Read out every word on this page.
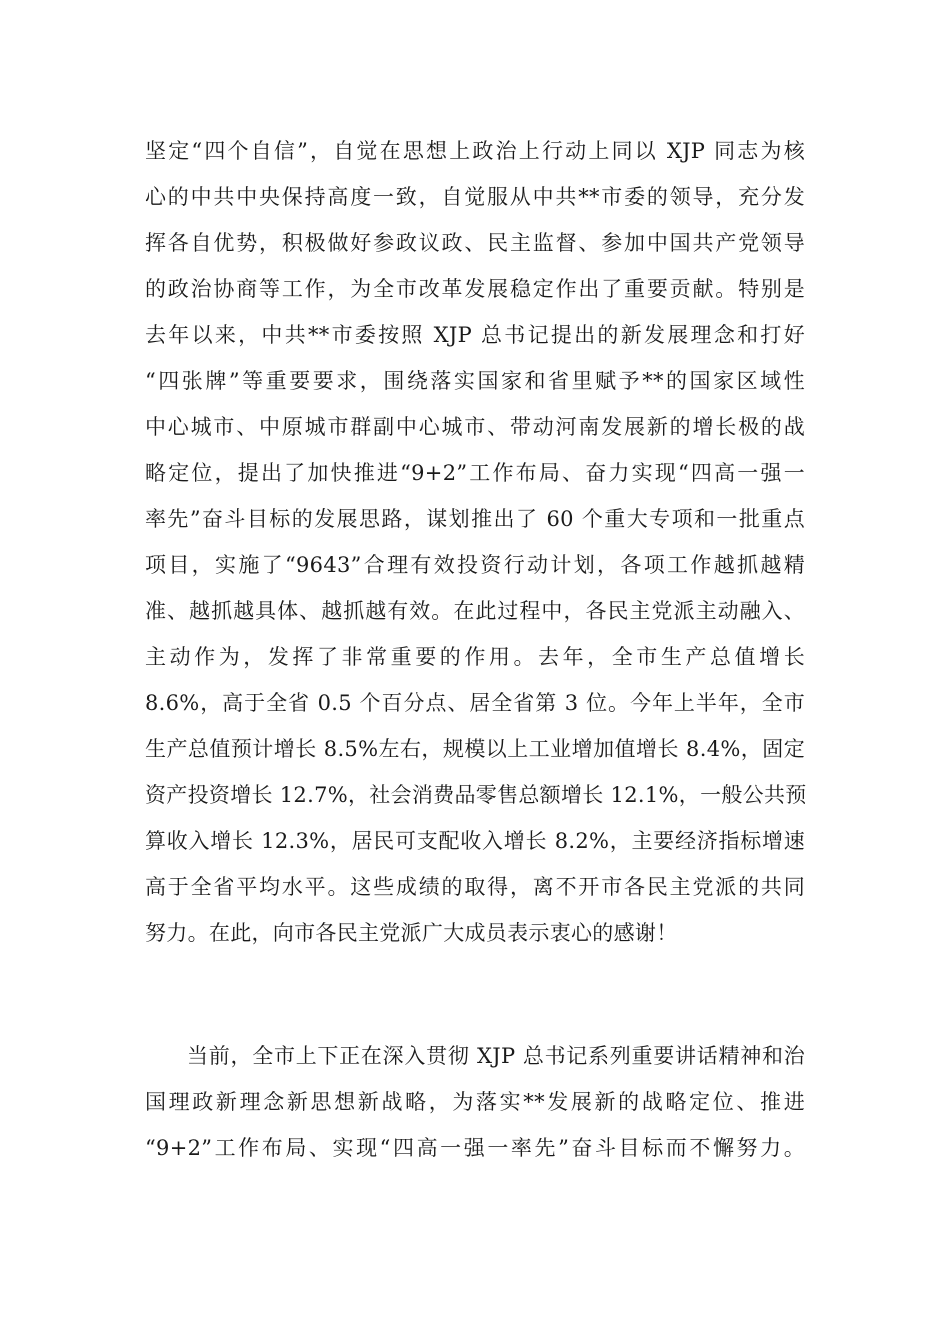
坚定“四个自信”，自觉在思想上政治上行动上同以 XJP 同志为核
心的中共中央保持高度一致，自觉服从中共**市委的领导，充分发
挥各自优势，积极做好参政议政、民主监督、参加中国共产党领导
的政治协商等工作，为全市改革发展稳定作出了重要贡献。特别是
去年以来，中共**市委按照 XJP 总书记提出的新发展理念和打好
“四张牌”等重要要求，围绕落实国家和省里赋予**的国家区域性
中心城市、中原城市群副中心城市、带动河南发展新的增长极的战
略定位，提出了加快推进“9+2”工作布局、奋力实现“四高一强一
率先”奋斗目标的发展思路，谋划推出了 60 个重大专项和一批重点
项目，实施了“9643”合理有效投资行动计划，各项工作越抓越精
准、越抓越具体、越抓越有效。在此过程中，各民主党派主动融入、
主动作为，发挥了非常重要的作用。去年，全市生产总值增长
8.6%，高于全省 0.5 个百分点、居全省第 3 位。今年上半年，全市
生产总值预计增长 8.5%左右，规模以上工业增加值增长 8.4%，固定
资产投资增长 12.7%，社会消费品零售总额增长 12.1%，一般公共预
算收入增长 12.3%，居民可支配收入增长 8.2%，主要经济指标增速
高于全省平均水平。这些成绩的取得，离不开市各民主党派的共同
努力。在此，向市各民主党派广大成员表示衷心的感谢！
当前，全市上下正在深入贯彻 XJP 总书记系列重要讲话精神和治
国理政新理念新思想新战略，为落实**发展新的战略定位、推进
“9+2”工作布局、实现“四高一强一率先”奋斗目标而不懈努力。
